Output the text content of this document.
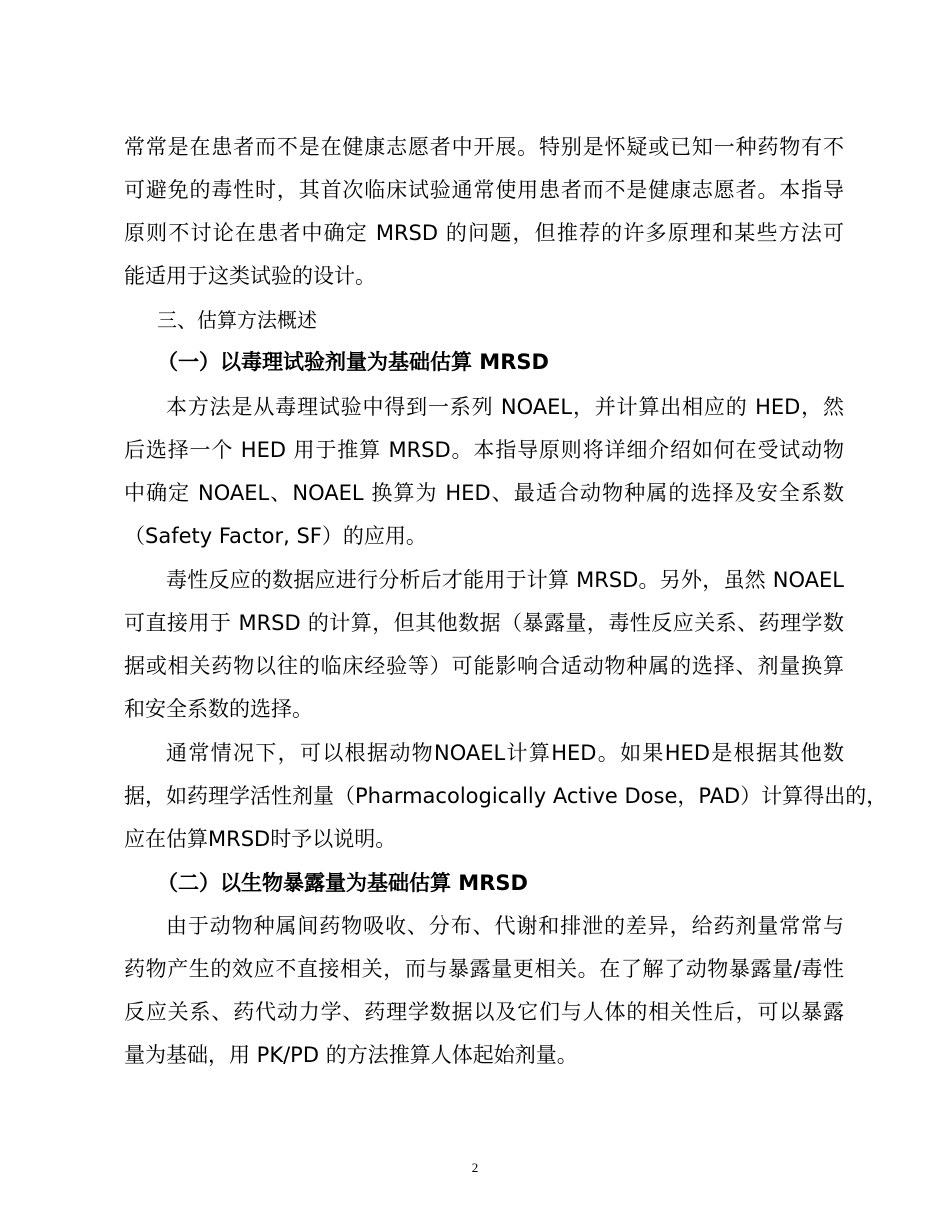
常常是在患者而不是在健康志愿者中开展。特别是怀疑或已知一种药物有不
可避免的毒性时，其首次临床试验通常使用患者而不是健康志愿者。本指导
原则不讨论在患者中确定 MRSD 的问题，但推荐的许多原理和某些方法可
能适用于这类试验的设计。
三、估算方法概述
（一）以毒理试验剂量为基础估算 MRSD
本方法是从毒理试验中得到一系列 NOAEL，并计算出相应的 HED，然
后选择一个 HED 用于推算 MRSD。本指导原则将详细介绍如何在受试动物
中确定 NOAEL、NOAEL 换算为 HED、最适合动物种属的选择及安全系数
（Safety Factor, SF）的应用。
毒性反应的数据应进行分析后才能用于计算 MRSD。另外，虽然 NOAEL
可直接用于 MRSD 的计算，但其他数据（暴露量，毒性反应关系、药理学数
据或相关药物以往的临床经验等）可能影响合适动物种属的选择、剂量换算
和安全系数的选择。
通常情况下，可以根据动物NOAEL计算HED。如果HED是根据其他数
据，如药理学活性剂量（Pharmacologically Active Dose，PAD）计算得出的，
应在估算MRSD时予以说明。
（二）以生物暴露量为基础估算 MRSD
由于动物种属间药物吸收、分布、代谢和排泄的差异，给药剂量常常与
药物产生的效应不直接相关，而与暴露量更相关。在了解了动物暴露量/毒性
反应关系、药代动力学、药理学数据以及它们与人体的相关性后，可以暴露
量为基础，用 PK/PD 的方法推算人体起始剂量。
2
